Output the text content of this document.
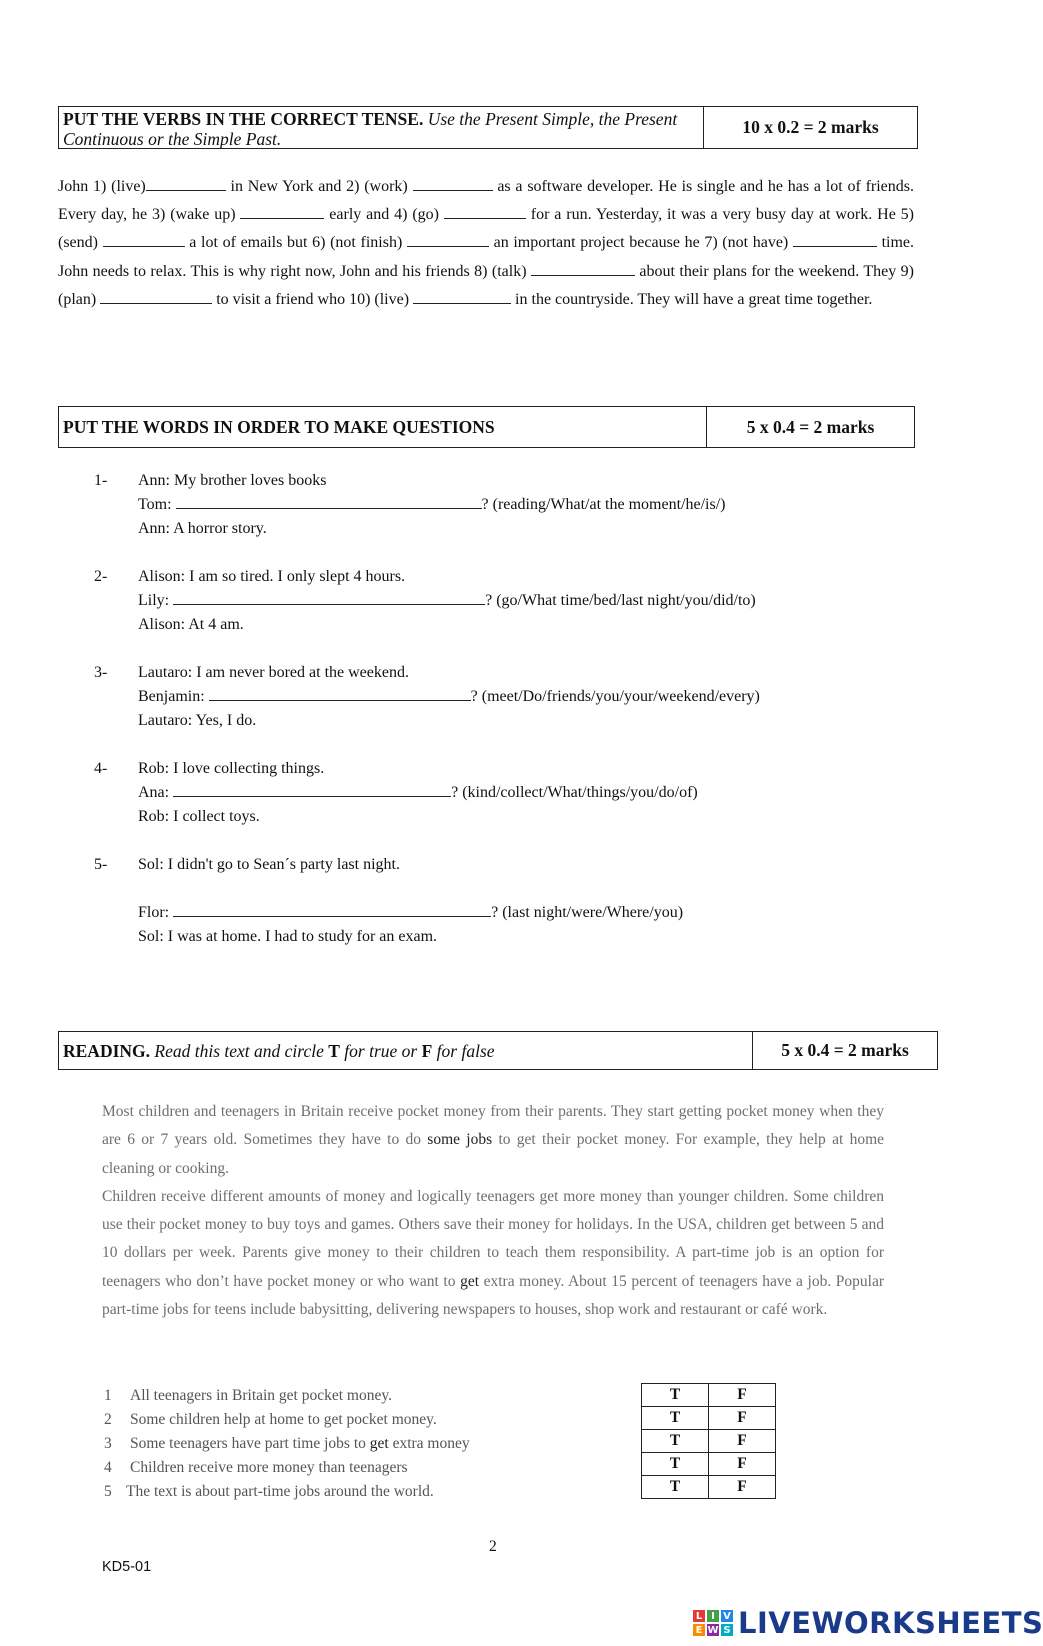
PUT THE VERBS IN THE CORRECT TENSE. Use the Present Simple, the Present Continuous or the Simple Past.
10 x 0.2 = 2 marks
John 1) (live)	in New York and 2) (work)	as a software developer. He is single and he has a lot of friends. Every day, he 3) (wake up)	early and 4) (go)	for a run. Yesterday, it was a very busy day at work. He 5) (send)	a lot of emails but 6) (not finish)	an important project because he 7) (not have)	time. John needs to relax. This is why right now, John and his friends 8) (talk)	about their plans for the weekend. They 9) (plan)	to visit a friend who 10) (live)	in the countryside. They will have a great time together.
PUT THE WORDS IN ORDER TO MAKE QUESTIONS	5 x 0.4 = 2 marks
1- Ann: My brother loves books
Tom:	? (reading/What/at the moment/he/is/)
Ann: A horror story.
2- Alison: I am so tired. I only slept 4 hours.
Lily:	? (go/What time/bed/last night/you/did/to)
Alison: At 4 am.
3- Lautaro: I am never bored at the weekend.
Benjamin:	? (meet/Do/friends/you/your/weekend/every)
Lautaro: Yes, I do.
4- Rob: I love collecting things.
Ana:	? (kind/collect/What/things/you/do/of)
Rob: I collect toys.
5- Sol: I didn't go to Sean´s party last night.
Flor:	? (last night/were/Where/you)
Sol: I was at home. I had to study for an exam.
READING.
Read this text and circle
T
for true or
F
for false	5 x 0.4 = 2 marks

Most children and teenagers in Britain receive pocket money from their parents. They start getting pocket money when they are 6 or 7 years old. Sometimes they have to do some jobs to get their pocket money. For example, they help at home cleaning or cooking.

Children receive different amounts of money and logically teenagers get more money than younger children. Some children use their pocket money to buy toys and games. Others save their money for holidays. In the USA, children get between 5 and 10 dollars per week. Parents give money to their children to teach them responsibility. A part-time job is an option for teenagers who don’t have pocket money or who want to get extra money. About 15 percent of teenagers have a job. Popular part-time jobs for teens include babysitting, delivering newspapers to houses, shop work and restaurant or café work.

1 All teenagers in Britain get pocket money.
2 Some children help at home to get pocket money.
3 Some teenagers have part time jobs to get extra money
4 Children receive more money than teenagers
5 The text is about part-time jobs around the world.
T	F
T	F
T	F
T	F
T	F
2
KD5-01
L I V
E W S LIVEWORKSHEETS
